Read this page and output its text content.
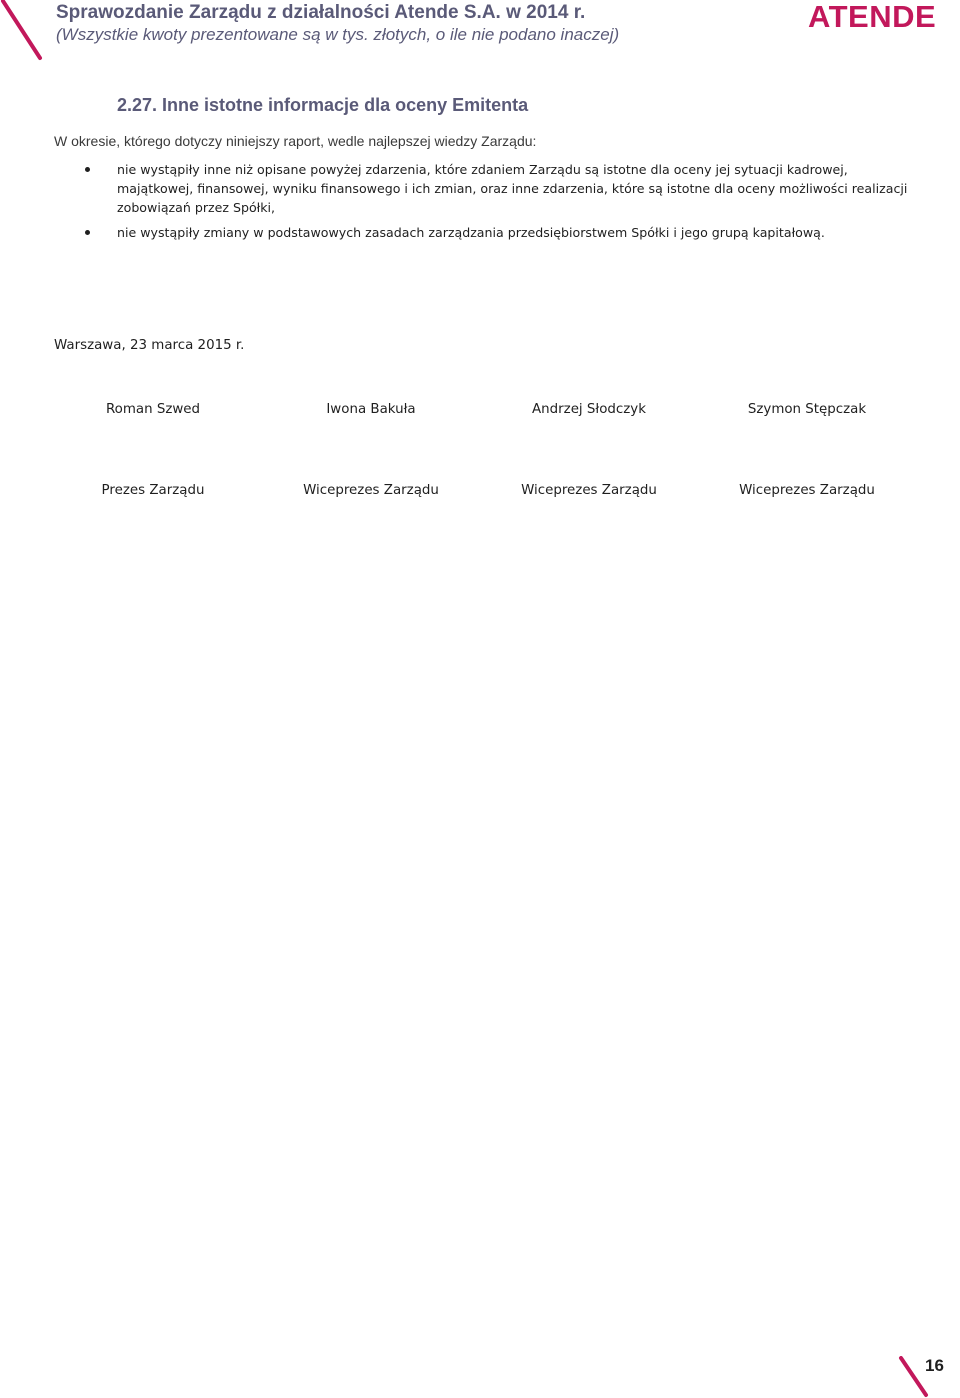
Sprawozdanie Zarządu z działalności Atende S.A. w 2014 r.
(Wszystkie kwoty prezentowane są w tys. złotych, o ile nie podano inaczej)
ATENDE
2.27. Inne istotne informacje dla oceny Emitenta
W okresie, którego dotyczy niniejszy raport, wedle najlepszej wiedzy Zarządu:
nie wystąpiły inne niż opisane powyżej zdarzenia, które zdaniem Zarządu są istotne dla oceny jej sytuacji kadrowej, majątkowej, finansowej, wyniku finansowego i ich zmian, oraz inne zdarzenia, które są istotne dla oceny możliwości realizacji zobowiązań przez Spółki,
nie wystąpiły zmiany w podstawowych zasadach zarządzania przedsiębiorstwem Spółki i jego grupą kapitałową.
Warszawa, 23 marca 2015 r.
Roman Szwed	Iwona Bakuła	Andrzej Słodczyk	Szymon Stępczak
Prezes Zarządu	Wiceprezes Zarządu	Wiceprezes Zarządu	Wiceprezes Zarządu
16
